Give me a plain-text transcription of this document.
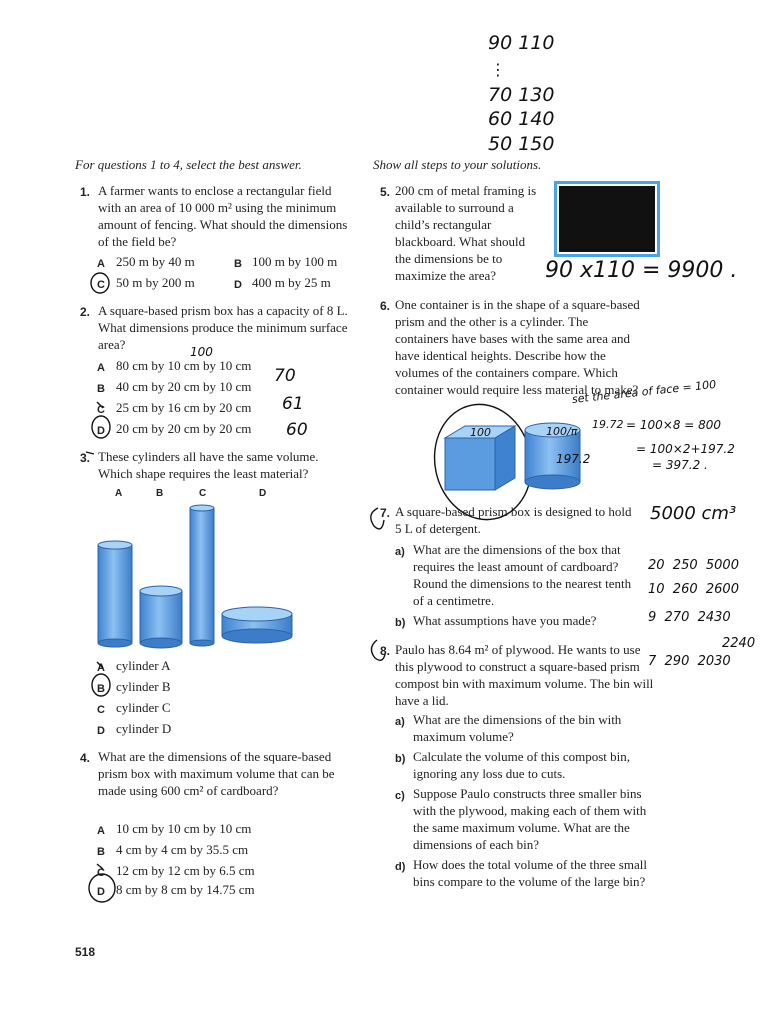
90 110
⋮
70 130
60 140
50 150
For questions 1 to 4, select the best answer.	Show all steps to your solutions.
1. A farmer wants to enclose a rectangular field with an area of 10 000 m² using the minimum amount of fencing. What should the dimensions of the field be?
A 250 m by 40 m	B 100 m by 100 m
C 50 m by 200 m	D 400 m by 25 m
2. A square-based prism box has a capacity of 8 L. What dimensions produce the minimum surface area?
A 80 cm by 10 cm by 10 cm
B 40 cm by 20 cm by 10 cm
C 25 cm by 16 cm by 20 cm
D 20 cm by 20 cm by 20 cm
100
70
61
60
3. These cylinders all have the same volume. Which shape requires the least material?
A	B	C	D
A cylinder A
B cylinder B
C cylinder C
D cylinder D
4. What are the dimensions of the square-based prism box with maximum volume that can be made using 600 cm² of cardboard?
A 10 cm by 10 cm by 10 cm
B 4 cm by 4 cm by 35.5 cm
C 12 cm by 12 cm by 6.5 cm
D 8 cm by 8 cm by 14.75 cm
5. 200 cm of metal framing is available to surround a child’s rectangular blackboard. What should the dimensions be to maximize the area?	90 x110 = 9900 .
6. One container is in the shape of a square-based prism and the other is a cylinder. The containers have bases with the same area and have identical heights. Describe how the volumes of the containers compare. Which container would require less material to make?
100	100/π
19.72
197.2
set the area of face = 100
= 100×8 = 800
= 100×2+197.2
= 397.2 .
7. A square-based prism box is designed to hold 5 L of detergent.
a) What are the dimensions of the box that requires the least amount of cardboard? Round the dimensions to the nearest tenth of a centimetre.
b) What assumptions have you made?
5000 cm³
20  250  5000
10  260  2600
9  270  2430
2240
7  290  2030
8. Paulo has 8.64 m² of plywood. He wants to use this plywood to construct a square-based prism compost bin with maximum volume. The bin will have a lid.
a) What are the dimensions of the bin with maximum volume?
b) Calculate the volume of this compost bin, ignoring any loss due to cuts.
c) Suppose Paulo constructs three smaller bins with the plywood, making each of them with the same maximum volume. What are the dimensions of each bin?
d) How does the total volume of the three small bins compare to the volume of the large bin?
518
